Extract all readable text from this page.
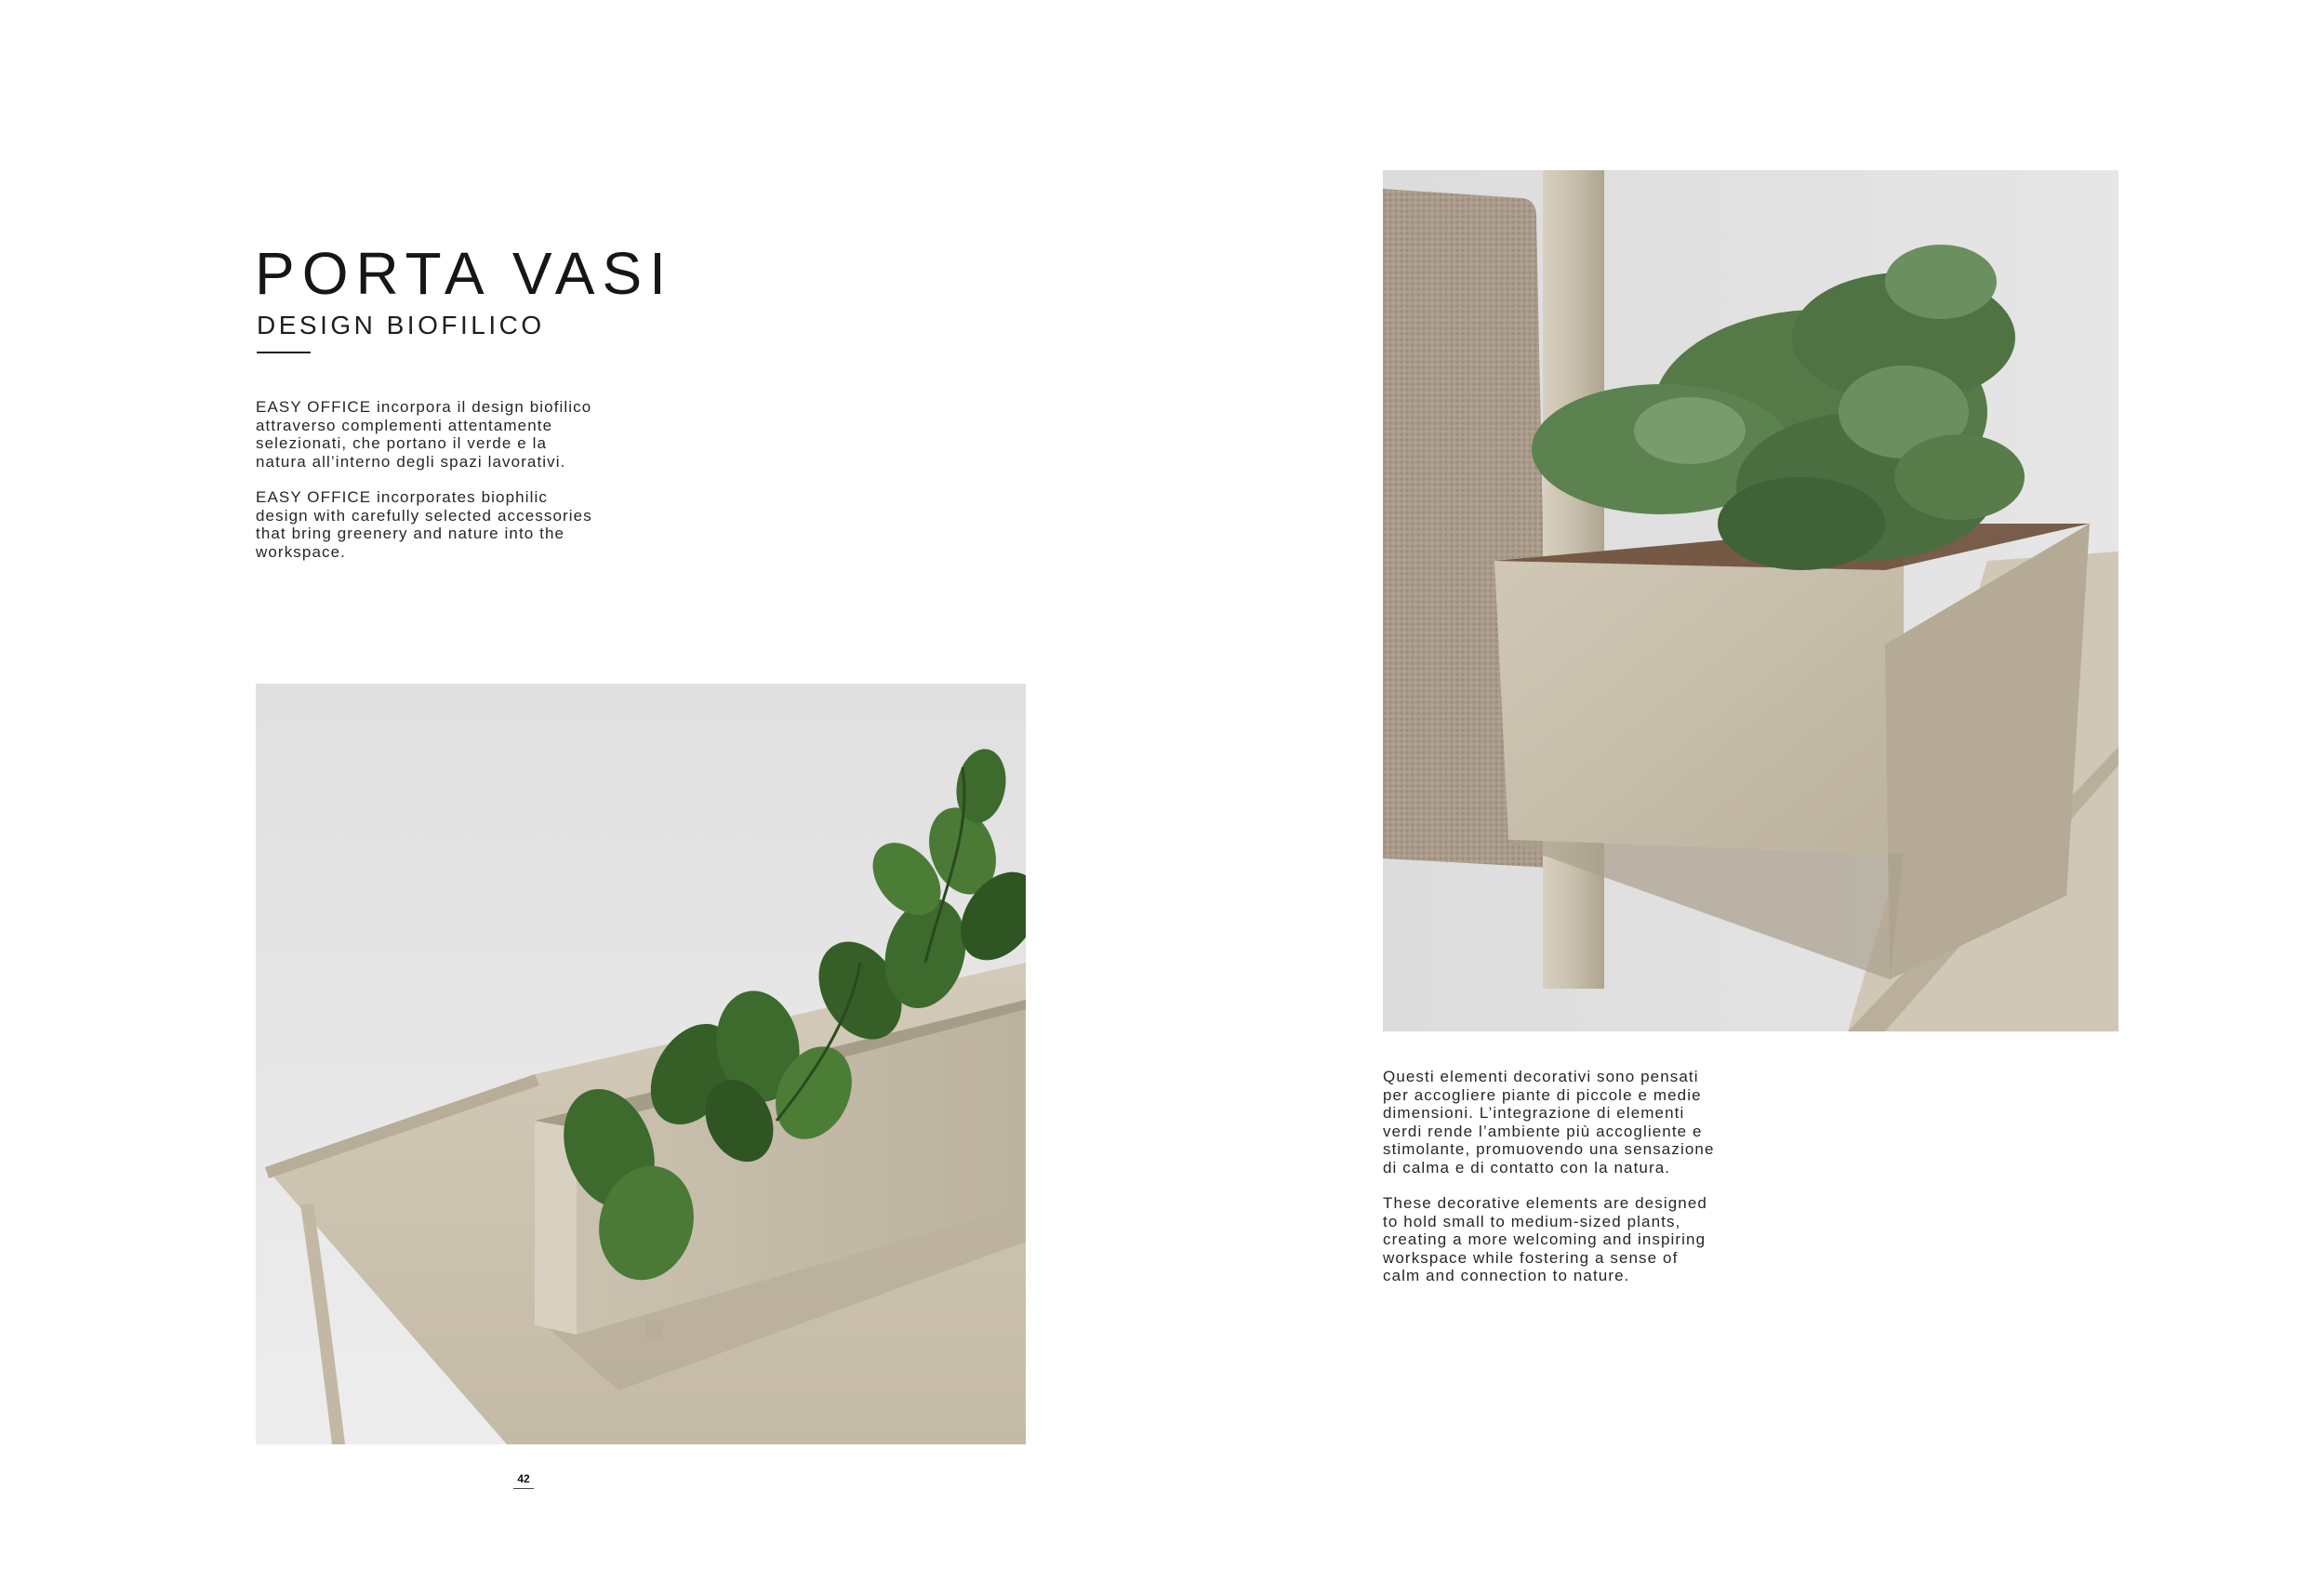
PORTA VASI
DESIGN BIOFILICO

EASY OFFICE incorpora il design biofilico
attraverso complementi attentamente
selezionati, che portano il verde e la
natura all’interno degli spazi lavorativi.

EASY OFFICE incorporates biophilic
design with carefully selected accessories
that bring greenery and nature into the
workspace.

Questi elementi decorativi sono pensati
per accogliere piante di piccole e medie
dimensioni. L’integrazione di elementi
verdi rende l’ambiente più accogliente e
stimolante, promuovendo una sensazione
di calma e di contatto con la natura.

These decorative elements are designed
to hold small to medium-sized plants,
creating a more welcoming and inspiring
workspace while fostering a sense of
calm and connection to nature.

42
